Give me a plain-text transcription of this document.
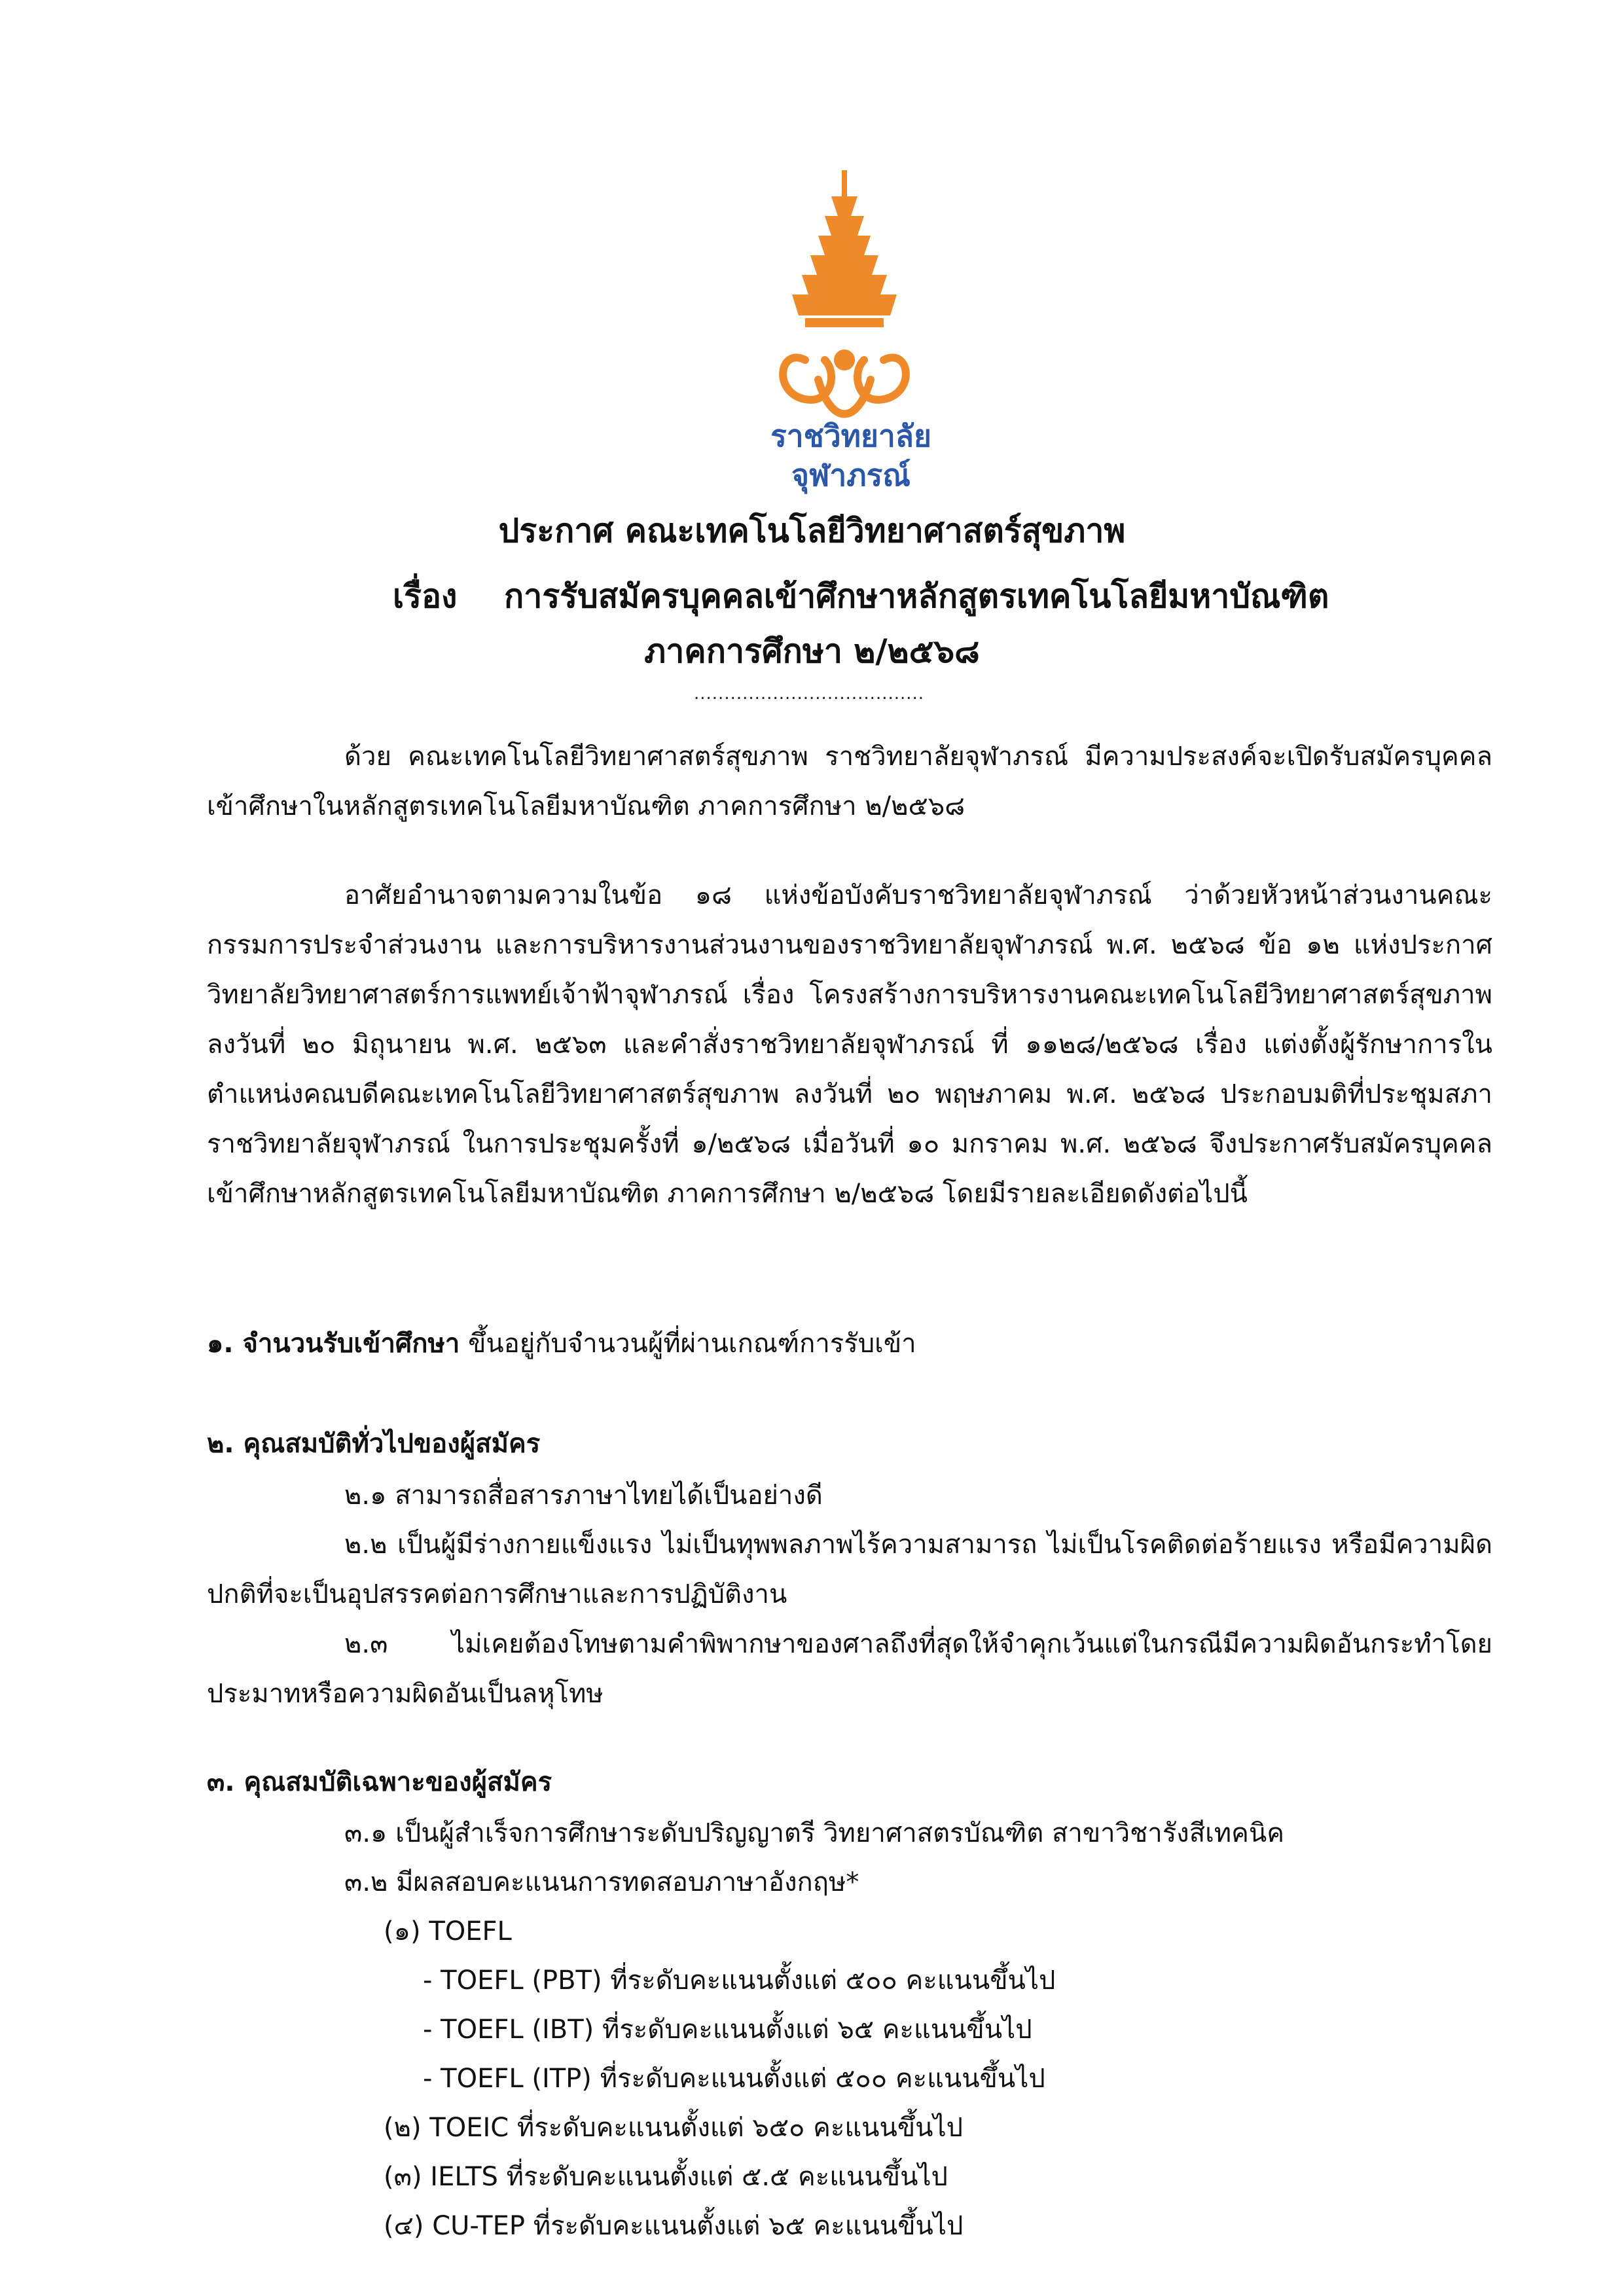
ราชวิทยาลัย
จุฬาภรณ์
ประกาศ คณะเทคโนโลยีวิทยาศาสตร์สุขภาพ
เรื่อง การรับสมัครบุคคลเข้าศึกษาหลักสูตรเทคโนโลยีมหาบัณฑิต
ภาคการศึกษา ๒/๒๕๖๘
......................................
ด้วย คณะเทคโนโลยีวิทยาศาสตร์สุขภาพ ราชวิทยาลัยจุฬาภรณ์ มีความประสงค์จะเปิดรับสมัครบุคคลเข้าศึกษาในหลักสูตรเทคโนโลยีมหาบัณฑิต ภาคการศึกษา ๒/๒๕๖๘
อาศัยอำนาจตามความในข้อ ๑๘ แห่งข้อบังคับราชวิทยาลัยจุฬาภรณ์ ว่าด้วยหัวหน้าส่วนงานคณะกรรมการประจำส่วนงาน และการบริหารงานส่วนงานของราชวิทยาลัยจุฬาภรณ์ พ.ศ. ๒๕๖๘ ข้อ ๑๒ แห่งประกาศวิทยาลัยวิทยาศาสตร์การแพทย์เจ้าฟ้าจุฬาภรณ์ เรื่อง โครงสร้างการบริหารงานคณะเทคโนโลยีวิทยาศาสตร์สุขภาพ ลงวันที่ ๒๐ มิถุนายน พ.ศ. ๒๕๖๓ และคำสั่งราชวิทยาลัยจุฬาภรณ์ ที่ ๑๑๒๘/๒๕๖๘ เรื่อง แต่งตั้งผู้รักษาการในตำแหน่งคณบดีคณะเทคโนโลยีวิทยาศาสตร์สุขภาพ ลงวันที่ ๒๐ พฤษภาคม พ.ศ. ๒๕๖๘ ประกอบมติที่ประชุมสภาราชวิทยาลัยจุฬาภรณ์ ในการประชุมครั้งที่ ๑/๒๕๖๘ เมื่อวันที่ ๑๐ มกราคม พ.ศ. ๒๕๖๘ จึงประกาศรับสมัครบุคคลเข้าศึกษาหลักสูตรเทคโนโลยีมหาบัณฑิต ภาคการศึกษา ๒/๒๕๖๘ โดยมีรายละเอียดดังต่อไปนี้
๑. จำนวนรับเข้าศึกษา ขึ้นอยู่กับจำนวนผู้ที่ผ่านเกณฑ์การรับเข้า
๒. คุณสมบัติทั่วไปของผู้สมัคร
๒.๑ สามารถสื่อสารภาษาไทยได้เป็นอย่างดี
๒.๒ เป็นผู้มีร่างกายแข็งแรง ไม่เป็นทุพพลภาพไร้ความสามารถ ไม่เป็นโรคติดต่อร้ายแรง หรือมีความผิดปกติที่จะเป็นอุปสรรคต่อการศึกษาและการปฏิบัติงาน
๒.๓ ไม่เคยต้องโทษตามคำพิพากษาของศาลถึงที่สุดให้จำคุกเว้นแต่ในกรณีมีความผิดอันกระทำโดยประมาทหรือความผิดอันเป็นลหุโทษ
๓. คุณสมบัติเฉพาะของผู้สมัคร
๓.๑ เป็นผู้สำเร็จการศึกษาระดับปริญญาตรี วิทยาศาสตรบัณฑิต สาขาวิชารังสีเทคนิค
๓.๒ มีผลสอบคะแนนการทดสอบภาษาอังกฤษ*
(๑) TOEFL
- TOEFL (PBT) ที่ระดับคะแนนตั้งแต่ ๕๐๐ คะแนนขึ้นไป
- TOEFL (IBT) ที่ระดับคะแนนตั้งแต่ ๖๕ คะแนนขึ้นไป
- TOEFL (ITP) ที่ระดับคะแนนตั้งแต่ ๕๐๐ คะแนนขึ้นไป
(๒) TOEIC ที่ระดับคะแนนตั้งแต่ ๖๕๐ คะแนนขึ้นไป
(๓) IELTS ที่ระดับคะแนนตั้งแต่ ๕.๕ คะแนนขึ้นไป
(๔) CU-TEP ที่ระดับคะแนนตั้งแต่ ๖๕ คะแนนขึ้นไป
